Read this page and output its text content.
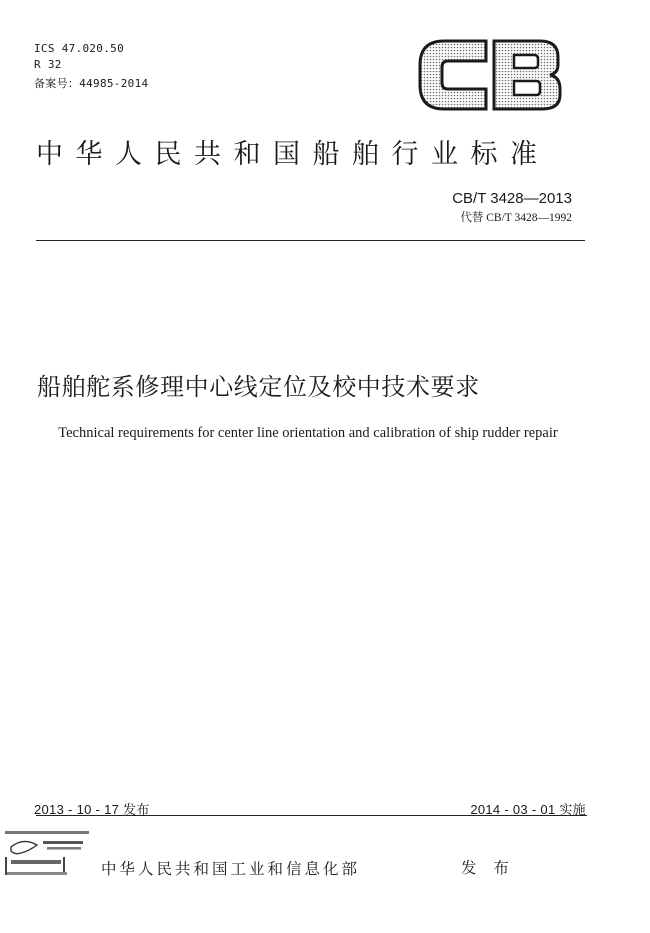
ICS 47.020.50
R 32
备案号：44985-2014
中华人民共和国船舶行业标准
CB/T 3428—2013
代替 CB/T 3428—1992
船舶舵系修理中心线定位及校中技术要求
Technical requirements for center line orientation and calibration of ship rudder repair
2013 - 10 - 17 发布	2014 - 03 - 01 实施
中华人民共和国工业和信息化部	发 布
